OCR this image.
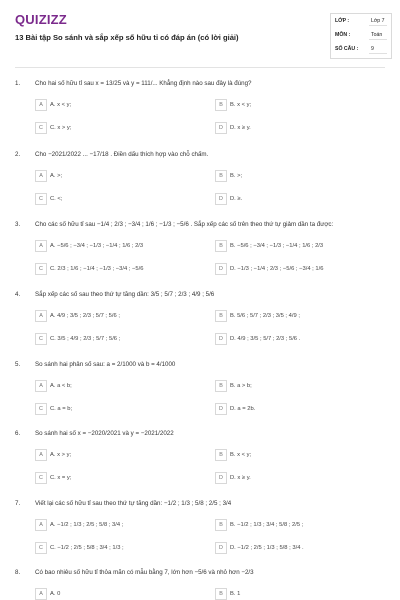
QUIZIZZ
13 Bài tập So sánh và sắp xếp số hữu tỉ có đáp án (có lời giải)
LỚP :	Lớp 7
MÔN :	Toán
SỐ CÂU : 9
1. Cho hai số hữu tỉ sau x = 13/25 và y = 111/... Khẳng định nào sau đây là đúng?
A	A. x < y;	B	B. x < y;
C	C. x > y;	D	D. x ≥ y.
2. Cho −2021/2022 ... −17/18 . Điền dấu thích hợp vào chỗ chấm.
A	A. >;	B	B. >;
C	C. <;	D	D. ≥.
3. Cho các số hữu tỉ sau −1/4 ; 2/3 ; −3/4 ; 1/6 ; −1/3 ; −5/6 . Sắp xếp các số trên theo thứ tự giảm dần ta được:
A	A. −5/6 ; −3/4 ; −1/3 ; −1/4 ; 1/6 ; 2/3	B	B. −5/6 ; −3/4 ; −1/3 ; −1/4 ; 1/6 ; 2/3
C	C. 2/3 ; 1/6 ; −1/4 ; −1/3 ; −3/4 ; −5/6	D	D. −1/3 ; −1/4 ; 2/3 ; −5/6 ; −3/4 ; 1/6
4. Sắp xếp các số sau theo thứ tự tăng dần: 3/5 ; 5/7 ; 2/3 ; 4/9 ; 5/6
A	A. 4/9 ; 3/5 ; 2/3 ; 5/7 ; 5/6 ;	B	B. 5/6 ; 5/7 ; 2/3 ; 3/5 ; 4/9 ;
C	C. 3/5 ; 4/9 ; 2/3 ; 5/7 ; 5/6 ;	D	D. 4/9 ; 3/5 ; 5/7 ; 2/3 ; 5/6 .
5. So sánh hai phân số sau: a = 2/1000 và b = 4/1000
A	A. a < b;	B	B. a > b;
C	C. a = b;	D	D. a = 2b.
6. So sánh hai số x = −2020/2021 và y = −2021/2022
A	A. x > y;	B	B. x < y;
C	C. x = y;	D	D. x ≥ y.
7. Viết lại các số hữu tỉ sau theo thứ tự tăng dần: −1/2 ; 1/3 ; 5/8 ; 2/5 ; 3/4
A	A. −1/2 ; 1/3 ; 2/5 ; 5/8 ; 3/4 ;	B	B. −1/2 ; 1/3 ; 3/4 ; 5/8 ; 2/5 ;
C	C. −1/2 ; 2/5 ; 5/8 ; 3/4 ; 1/3 ;	D	D. −1/2 ; 2/5 ; 1/3 ; 5/8 ; 3/4 .
8. Có bao nhiêu số hữu tỉ thỏa mãn có mẫu bằng 7, lớn hơn −5/6 và nhỏ hơn −2/3
A	A. 0	B	B. 1
